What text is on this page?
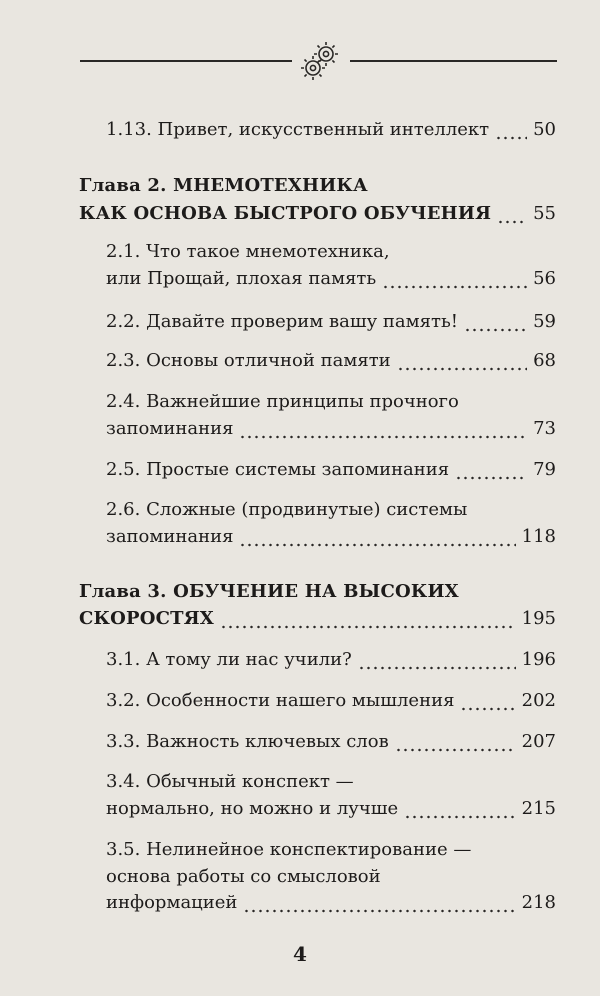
1.13. Привет, искусственный интеллект 50
Глава 2. МНЕМОТЕХНИКА
КАК ОСНОВА БЫСТРОГО ОБУЧЕНИЯ 55
2.1. Что такое мнемотехника,
или Прощай, плохая память	56
2.2. Давайте проверим вашу память!	59
2.3. Основы отличной памяти	68
2.4. Важнейшие принципы прочного
запоминания	73
2.5. Простые системы запоминания	79
2.6. Сложные (продвинутые) системы
запоминания	118
Глава 3. ОБУЧЕНИЕ НА ВЫСОКИХ
СКОРОСТЯХ	195
3.1. А тому ли нас учили?	196
3.2. Особенности нашего мышления	202
3.3. Важность ключевых слов	207
3.4. Обычный конспект —
нормально, но можно и лучше	215
3.5. Нелинейное конспектирование —
основа работы со смысловой
информацией	218
4
